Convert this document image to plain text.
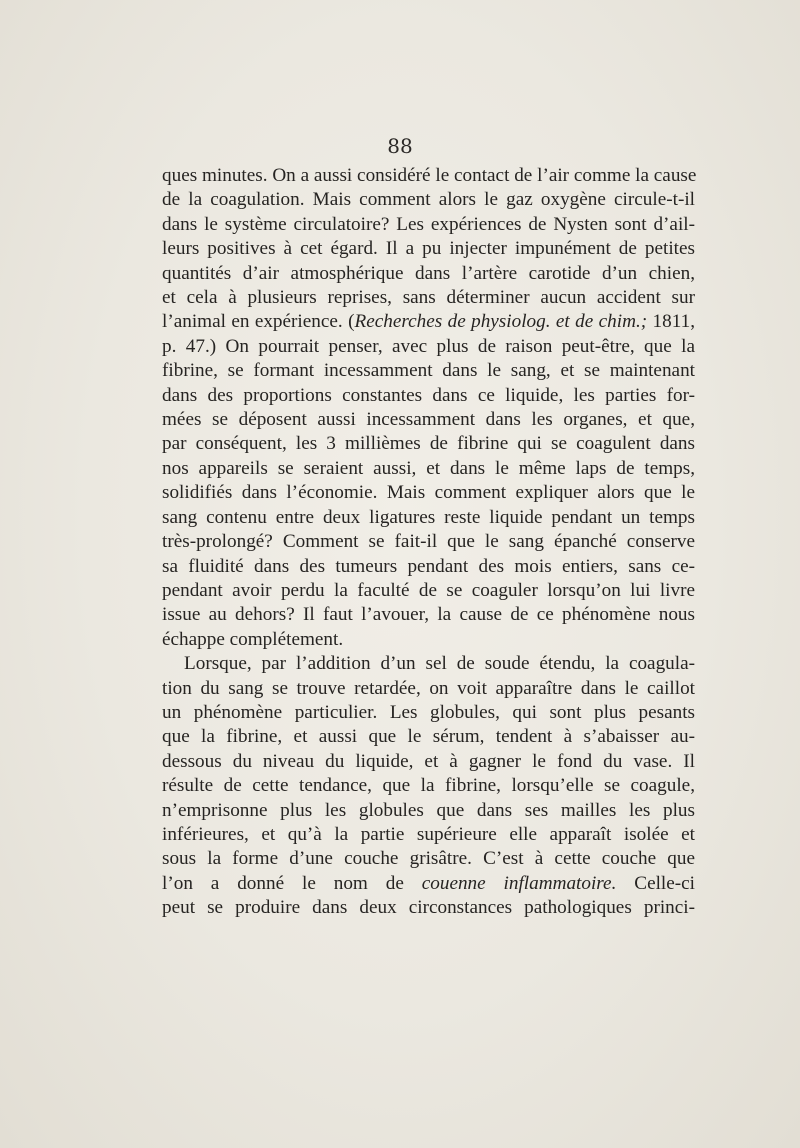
88
ques minutes. On a aussi considéré le contact de l’air comme la cause
de la coagulation. Mais comment alors le gaz oxygène circule-t-il
dans le système circulatoire? Les expériences de Nysten sont d’ail-
leurs positives à cet égard. Il a pu injecter impunément de petites
quantités d’air atmosphérique dans l’artère carotide d’un chien,
et cela à plusieurs reprises, sans déterminer aucun accident sur
l’animal en expérience. (Recherches de physiolog. et de chim.; 1811,
p. 47.) On pourrait penser, avec plus de raison peut-être, que la
fibrine, se formant incessamment dans le sang, et se maintenant
dans des proportions constantes dans ce liquide, les parties for-
mées se déposent aussi incessamment dans les organes, et que,
par conséquent, les 3 millièmes de fibrine qui se coagulent dans
nos appareils se seraient aussi, et dans le même laps de temps,
solidifiés dans l’économie. Mais comment expliquer alors que le
sang contenu entre deux ligatures reste liquide pendant un temps
très-prolongé? Comment se fait-il que le sang épanché conserve
sa fluidité dans des tumeurs pendant des mois entiers, sans ce-
pendant avoir perdu la faculté de se coaguler lorsqu’on lui livre
issue au dehors? Il faut l’avouer, la cause de ce phénomène nous
échappe complétement.
Lorsque, par l’addition d’un sel de soude étendu, la coagula-
tion du sang se trouve retardée, on voit apparaître dans le caillot
un phénomène particulier. Les globules, qui sont plus pesants
que la fibrine, et aussi que le sérum, tendent à s’abaisser au-
dessous du niveau du liquide, et à gagner le fond du vase. Il
résulte de cette tendance, que la fibrine, lorsqu’elle se coagule,
n’emprisonne plus les globules que dans ses mailles les plus
inférieures, et qu’à la partie supérieure elle apparaît isolée et
sous la forme d’une couche grisâtre. C’est à cette couche que
l’on a donné le nom de couenne inflammatoire. Celle-ci
peut se produire dans deux circonstances pathologiques princi-
